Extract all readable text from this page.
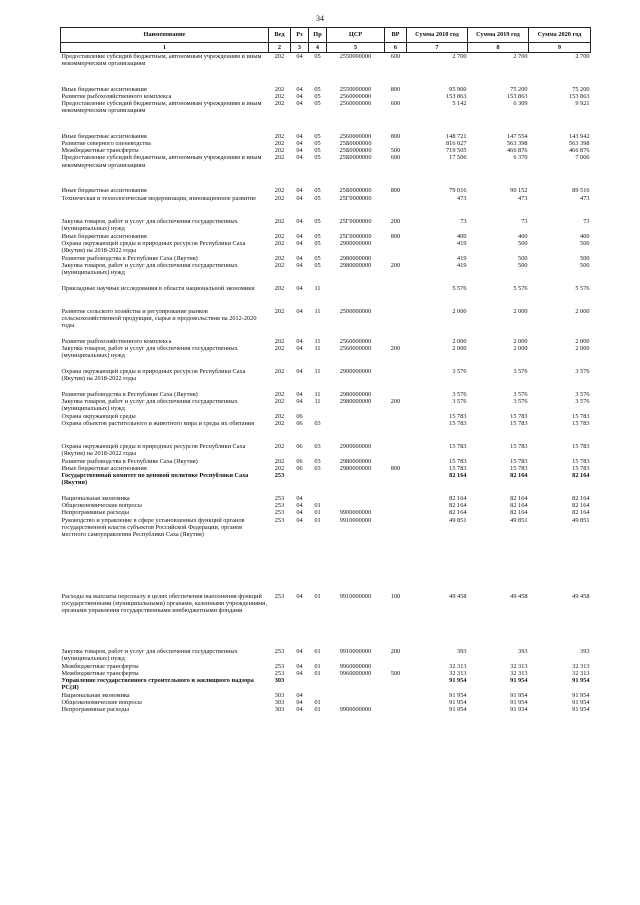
34
Наименование	Вед	Рз	Пр	ЦСР	ВР	Сумма 2018 год	Сумма 2019 год	Сумма 2020 год
1	2	3	4	5	6	7	8	9
Предоставление субсидий бюджетным, автономным учреждениям и иным некоммерческим организациям	202	04	05	2550000000	600	2 700	2 700	2 700
Иные бюджетные ассигнования	202	04	05	2550000000	800	95 900	75 200	75 200
Развитие рыбохозяйственного комплекса	202	04	05	2560000000		153 863	153 863	153 863
Предоставление субсидий бюджетным, автономным учреждениям и иным некоммерческим организациям	202	04	05	2560000000	600	5 142	6 309	9 921
Иные бюджетные ассигнования	202	04	05	2560000000	800	148 721	147 554	143 942
Развитие северного оленеводства	202	04	05	25Б0000000		816 027	563 398	563 398
Межбюджетные трансферты	202	04	05	25Б0000000	500	719 505	466 876	466 876
Предоставление субсидий бюджетным, автономным учреждениям и иным некоммерческим организациям	202	04	05	25Б0000000	600	17 506	6 370	7 006
Иные бюджетные ассигнования	202	04	05	25Б0000000	800	79 016	90 152	89 516
Техническая и технологическая модернизация, инновационное развитие	202	04	05	25Г0000000		473	473	473
Закупка товаров, работ и услуг для обеспечения государственных (муниципальных) нужд	202	04	05	25Г0000000	200	73	73	73
Иные бюджетные ассигнования	202	04	05	25Г0000000	800	400	400	400
Охрана окружающей среды и природных ресурсов Республики Саха (Якутия) на 2018-2022 годы	202	04	05	2900000000		419	500	500
Развитие рыбоводства в Республике Саха (Якутия)	202	04	05	2980000000		419	500	500
Закупка товаров, работ и услуг для обеспечения государственных (муниципальных) нужд	202	04	05	2980000000	200	419	500	500
Прикладные научные исследования в области национальной экономики	202	04	11			5 576	5 576	5 576
Развитие сельского хозяйства и регулирование рынков сельскохозяйственной продукции, сырья и продовольствия на 2012-2020 годы	202	04	11	2500000000		2 000	2 000	2 000
Развитие рыбохозяйственного комплекса	202	04	11	2560000000		2 000	2 000	2 000
Закупка товаров, работ и услуг для обеспечения государственных (муниципальных) нужд	202	04	11	2560000000	200	2 000	2 000	2 000
Охрана окружающей среды и природных ресурсов Республики Саха (Якутия) на 2018-2022 годы	202	04	11	2900000000		3 576	3 576	3 576
Развитие рыбоводства в Республике Саха (Якутия)	202	04	11	2980000000		3 576	3 576	3 576
Закупка товаров, работ и услуг для обеспечения государственных (муниципальных) нужд	202	04	11	2980000000	200	3 576	3 576	3 576
Охрана окружающей среды	202	06				15 783	15 783	15 783
Охрана объектов растительного и животного мира и среды их обитания	202	06	03			15 783	15 783	15 783
Охрана окружающей среды и природных ресурсов Республики Саха (Якутия) на 2018-2022 годы	202	06	03	2900000000		15 783	15 783	15 783
Развитие рыбоводства в Республике Саха (Якутия)	202	06	03	2980000000		15 783	15 783	15 783
Иные бюджетные ассигнования	202	06	03	2980000000	800	15 783	15 783	15 783
Государственный комитет по ценовой политике Республики Саха (Якутия)	253					82 164	82 164	82 164
Национальная экономика	253	04				82 164	82 164	82 164
Общеэкономические вопросы	253	04	01			82 164	82 164	82 164
Непрограммные расходы	253	04	01	9900000000		82 164	82 164	82 164
Руководство и управление в сфере установленных функций органов государственной власти субъектов Российской Федерации, органов местного самоуправления Республики Саха (Якутия)	253	04	01	9910000000		49 851	49 851	49 851
Расходы на выплаты персоналу в целях обеспечения выполнения функций государственными (муниципальными) органами, казенными учреждениями, органами управления государственными внебюджетными фондами	253	04	01	9910000000	100	49 458	49 458	49 458
Закупка товаров, работ и услуг для обеспечения государственных (муниципальных) нужд	253	04	01	9910000000	200	393	393	393
Межбюджетные трансферты	253	04	01	9960000000		32 313	32 313	32 313
Межбюджетные трансферты	253	04	01	9960000000	500	32 313	32 313	32 313
Управление государственного строительного и жилищного надзора РС(Я)	303					91 954	91 954	91 954
Национальная экономика	303	04				91 954	91 954	91 954
Общеэкономические вопросы	303	04	01			91 954	91 954	91 954
Непрограммные расходы	303	04	01	9900000000		91 954	91 934	91 954
